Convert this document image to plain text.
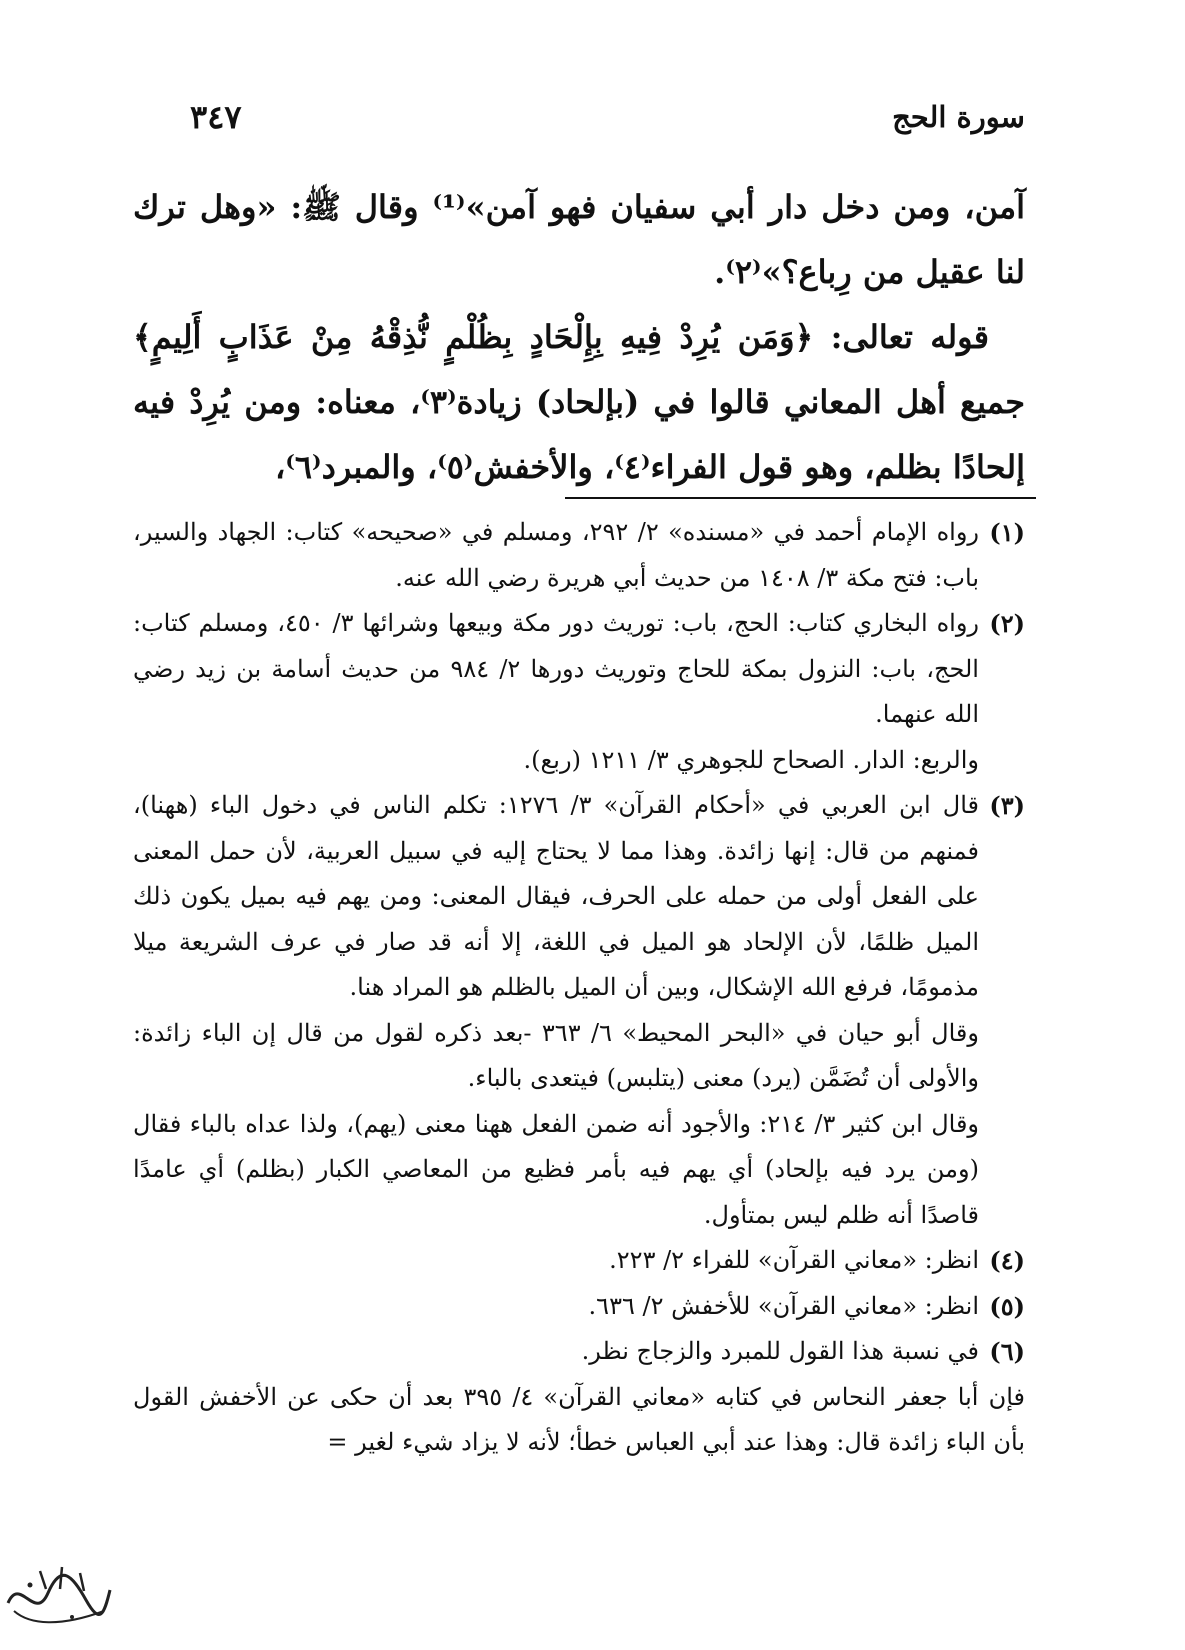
سورة الحج
٣٤٧

آمن، ومن دخل دار أبي سفيان فهو آمن»⁽¹⁾ وقال ﷺ: «وهل ترك لنا عقيل من رِباع؟»⁽٢⁾.

قوله تعالى: ﴿وَمَن يُرِدْ فِيهِ بِإِلْحَادٍ بِظُلْمٍ نُّذِقْهُ مِنْ عَذَابٍ أَلِيمٍ﴾ جميع أهل المعاني قالوا في (بإلحاد) زيادة⁽٣⁾، معناه: ومن يُرِدْ فيه إلحادًا بظلم، وهو قول الفراء⁽٤⁾، والأخفش⁽٥⁾، والمبرد⁽٦⁾،

(١)

رواه الإمام أحمد في «مسنده» ٢/ ٢٩٢، ومسلم في «صحيحه» كتاب: الجهاد والسير، باب: فتح مكة ٣/ ١٤٠٨ من حديث أبي هريرة رضي الله عنه.

(٢)

رواه البخاري كتاب: الحج، باب: توريث دور مكة وبيعها وشرائها ٣/ ٤٥٠، ومسلم كتاب: الحج، باب: النزول بمكة للحاج وتوريث دورها ٢/ ٩٨٤ من حديث أسامة بن زيد رضي الله عنهما.

والربع: الدار. الصحاح للجوهري ٣/ ١٢١١ (ربع).

(٣)

قال ابن العربي في «أحكام القرآن» ٣/ ١٢٧٦: تكلم الناس في دخول الباء (ههنا)، فمنهم من قال: إنها زائدة. وهذا مما لا يحتاج إليه في سبيل العربية، لأن حمل المعنى على الفعل أولى من حمله على الحرف، فيقال المعنى: ومن يهم فيه بميل يكون ذلك الميل ظلمًا، لأن الإلحاد هو الميل في اللغة، إلا أنه قد صار في عرف الشريعة ميلا مذمومًا، فرفع الله الإشكال، وبين أن الميل بالظلم هو المراد هنا.

وقال أبو حيان في «البحر المحيط» ٦/ ٣٦٣ -بعد ذكره لقول من قال إن الباء زائدة: والأولى أن تُضَمَّن (يرد) معنى (يتلبس) فيتعدى بالباء.

وقال ابن كثير ٣/ ٢١٤: والأجود أنه ضمن الفعل ههنا معنى (يهم)، ولذا عداه بالباء فقال (ومن يرد فيه بإلحاد) أي يهم فيه بأمر فظيع من المعاصي الكبار (بظلم) أي عامدًا قاصدًا أنه ظلم ليس بمتأول.

(٤)

انظر: «معاني القرآن» للفراء ٢/ ٢٢٣.

(٥)

انظر: «معاني القرآن» للأخفش ٢/ ٦٣٦.

(٦)

في نسبة هذا القول للمبرد والزجاج نظر.

فإن أبا جعفر النحاس في كتابه «معاني القرآن» ٤/ ٣٩٥ بعد أن حكى عن الأخفش القول بأن الباء زائدة قال: وهذا عند أبي العباس خطأ؛ لأنه لا يزاد شيء لغير =
